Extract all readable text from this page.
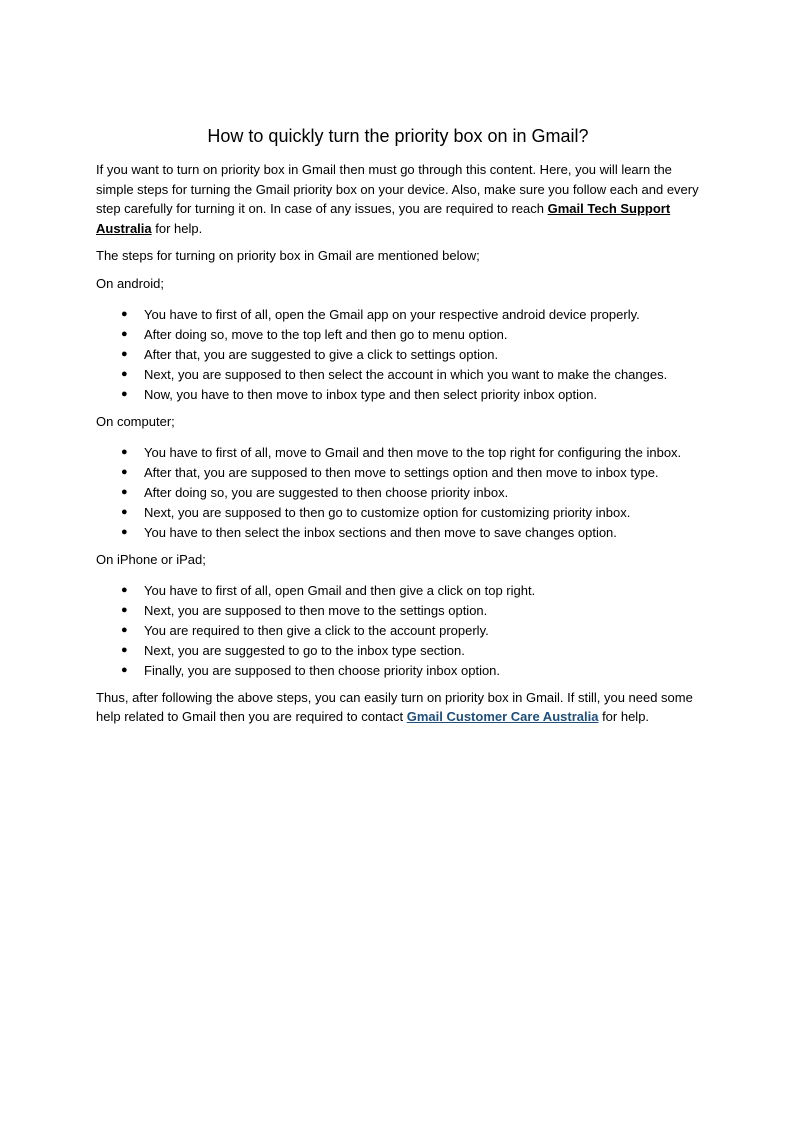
How to quickly turn the priority box on in Gmail?

If you want to turn on priority box in Gmail then must go through this content. Here, you will learn the simple steps for turning the Gmail priority box on your device. Also, make sure you follow each and every step carefully for turning it on. In case of any issues, you are required to reach Gmail Tech Support Australia for help.

The steps for turning on priority box in Gmail are mentioned below;

On android;

● You have to first of all, open the Gmail app on your respective android device properly.
● After doing so, move to the top left and then go to menu option.
● After that, you are suggested to give a click to settings option.
● Next, you are supposed to then select the account in which you want to make the changes.
● Now, you have to then move to inbox type and then select priority inbox option.

On computer;

● You have to first of all, move to Gmail and then move to the top right for configuring the inbox.
● After that, you are supposed to then move to settings option and then move to inbox type.
● After doing so, you are suggested to then choose priority inbox.
● Next, you are supposed to then go to customize option for customizing priority inbox.
● You have to then select the inbox sections and then move to save changes option.

On iPhone or iPad;

● You have to first of all, open Gmail and then give a click on top right.
● Next, you are supposed to then move to the settings option.
● You are required to then give a click to the account properly.
● Next, you are suggested to go to the inbox type section.
● Finally, you are supposed to then choose priority inbox option.

Thus, after following the above steps, you can easily turn on priority box in Gmail. If still, you need some help related to Gmail then you are required to contact Gmail Customer Care Australia for help.
